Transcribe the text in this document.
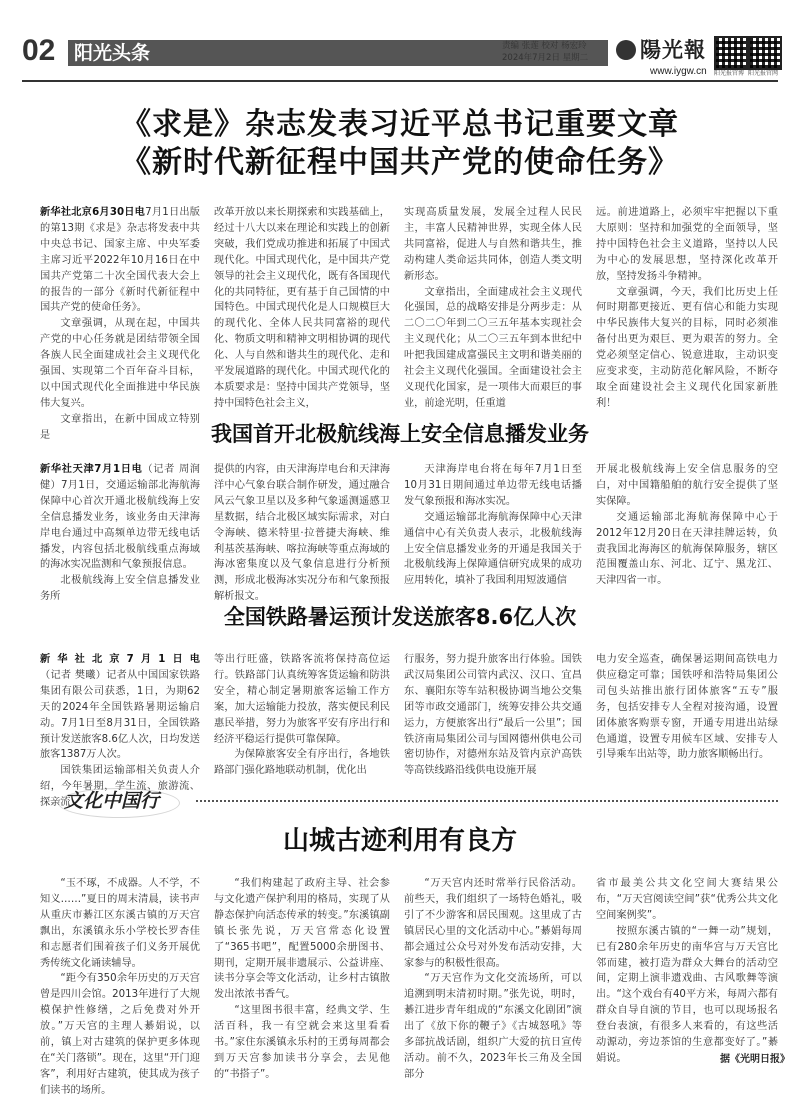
02 阳光头条	责编 张莲 校对 杨宏玲
2024年7月2日 星期二 陽光報
www.iygw.cn 阳光报官博 阳光报官网
《求是》杂志发表习近平总书记重要文章
《新时代新征程中国共产党的使命任务》

新华社北京6月30日电7月1日出版的第13期《求是》杂志将发表中共中央总书记、国家主席、中央军委主席习近平2022年10月16日在中国共产党第二十次全国代表大会上的报告的一部分《新时代新征程中国共产党的使命任务》。

文章强调，从现在起，中国共产党的中心任务就是团结带领全国各族人民全面建成社会主义现代化强国、实现第二个百年奋斗目标，以中国式现代化全面推进中华民族伟大复兴。

文章指出，在新中国成立特别是

改革开放以来长期探索和实践基础上，经过十八大以来在理论和实践上的创新突破，我们党成功推进和拓展了中国式现代化。中国式现代化，是中国共产党领导的社会主义现代化，既有各国现代化的共同特征，更有基于自己国情的中国特色。中国式现代化是人口规模巨大的现代化、全体人民共同富裕的现代化、物质文明和精神文明相协调的现代化、人与自然和谐共生的现代化、走和平发展道路的现代化。中国式现代化的本质要求是：坚持中国共产党领导，坚持中国特色社会主义，

实现高质量发展，发展全过程人民民主，丰富人民精神世界，实现全体人民共同富裕，促进人与自然和谐共生，推动构建人类命运共同体，创造人类文明新形态。

文章指出，全面建成社会主义现代化强国，总的战略安排是分两步走：从二〇二〇年到二〇三五年基本实现社会主义现代化；从二〇三五年到本世纪中叶把我国建成富强民主文明和谐美丽的社会主义现代化强国。全面建设社会主义现代化国家，是一项伟大而艰巨的事业，前途光明，任重道

远。前进道路上，必须牢牢把握以下重大原则：坚持和加强党的全面领导，坚持中国特色社会主义道路，坚持以人民为中心的发展思想，坚持深化改革开放，坚持发扬斗争精神。

文章强调，今天，我们比历史上任何时期都更接近、更有信心和能力实现中华民族伟大复兴的目标，同时必须准备付出更为艰巨、更为艰苦的努力。全党必须坚定信心、锐意进取，主动识变应变求变，主动防范化解风险，不断夺取全面建设社会主义现代化国家新胜利！

我国首开北极航线海上安全信息播发业务

新华社天津7月1日电（记者 周润健）7月1日，交通运输部北海航海保障中心首次开通北极航线海上安全信息播发业务，该业务由天津海岸电台通过中高频单边带无线电话播发，内容包括北极航线重点海域的海冰实况监测和气象预报信息。

北极航线海上安全信息播发业务所

提供的内容，由天津海岸电台和天津海洋中心气象台联合制作研发，通过融合风云气象卫星以及多种气象遥测遥感卫星数据，结合北极区域实际需求，对白令海峡、德米特里·拉普捷夫海峡、维利基茨基海峡、喀拉海峡等重点海域的海冰密集度以及气象信息进行分析预测，形成北极海冰实况分布和气象预报解析报文。

天津海岸电台将在每年7月1日至10月31日期间通过单边带无线电话播发气象预报和海冰实况。

交通运输部北海航海保障中心天津通信中心有关负责人表示，北极航线海上安全信息播发业务的开通是我国关于北极航线海上保障通信研究成果的成功应用转化，填补了我国利用短波通信

开展北极航线海上安全信息服务的空白，对中国籍船舶的航行安全提供了坚实保障。

交通运输部北海航海保障中心于2012年12月20日在天津挂牌运转，负责我国北海海区的航海保障服务，辖区范围覆盖山东、河北、辽宁、黑龙江、天津四省一市。

全国铁路暑运预计发送旅客8.6亿人次

新华社北京7月1日电（记者 樊曦）记者从中国国家铁路集团有限公司获悉，1日，为期62天的2024年全国铁路暑期运输启动。7月1日至8月31日，全国铁路预计发送旅客8.6亿人次，日均发送旅客1387万人次。

国铁集团运输部相关负责人介绍，今年暑期，学生流、旅游流、探亲流

等出行旺盛，铁路客流将保持高位运行。铁路部门认真统筹客货运输和防洪安全，精心制定暑期旅客运输工作方案，加大运输能力投放，落实便民利民惠民举措，努力为旅客平安有序出行和经济平稳运行提供可靠保障。

为保障旅客安全有序出行，各地铁路部门强化路地联动机制，优化出

行服务，努力提升旅客出行体验。国铁武汉局集团公司管内武汉、汉口、宜昌东、襄阳东等车站积极协调当地公交集团等市政交通部门，统筹安排公共交通运力，方便旅客出行“最后一公里”；国铁济南局集团公司与国网德州供电公司密切协作，对德州东站及管内京沪高铁等高铁线路沿线供电设施开展

电力安全巡查，确保暑运期间高铁电力供应稳定可靠；国铁呼和浩特局集团公司包头站推出旅行团体旅客“五专”服务，包括安排专人全程对接沟通，设置团体旅客购票专窗，开通专用进出站绿色通道，设置专用候车区域、安排专人引导乘车出站等，助力旅客顺畅出行。

文化中国行
山城古迹利用有良方

“玉不琢，不成器。人不学，不知义……”夏日的周末清晨，读书声从重庆市綦江区东溪古镇的万天宫飘出，东溪镇永乐小学校长罗杏佳和志愿者们围着孩子们义务开展优秀传统文化诵读辅导。

“距今有350余年历史的万天宫曾是四川会馆。2013年进行了大规模保护性修缮，之后免费对外开放。”万天宫的主理人綦娟说，以前，镇上对古建筑的保护更多体现在“关门落锁”。现在，这里“开门迎客”，利用好古建筑，使其成为孩子们读书的场所。

“我们构建起了政府主导、社会参与文化遗产保护利用的格局，实现了从静态保护向活态传承的转变。”东溪镇副镇长张先说，万天宫常态化设置了“365书吧”，配置5000余册图书、期刊，定期开展非遗展示、公益讲座、读书分享会等文化活动，让乡村古镇散发出浓浓书香气。

“这里图书很丰富，经典文学、生活百科，我一有空就会来这里看看书。”家住东溪镇永乐村的王勇每周都会到万天宫参加读书分享会，去见他的“书搭子”。

“万天宫内还时常举行民俗活动。前些天，我们组织了一场特色婚礼，吸引了不少游客和居民围观。这里成了古镇居民心里的文化活动中心。”綦娟每周都会通过公众号对外发布活动安排，大家参与的积极性很高。

“万天宫作为文化交流场所，可以追溯到明末清初时期。”张先说，明时，綦江进步青年组成的“东溪文化剧团”演出了《放下你的鞭子》《古城怒吼》等多部抗战话剧，组织广大爱的抗日宣传活动。前不久，2023年长三角及全国部分

省市最美公共文化空间大赛结果公布，“万天宫阅读空间”获“优秀公共文化空间案例奖”。

按照东溪古镇的“一舞一动”规划，已有280余年历史的南华宫与万天宫比邻而建，被打造为群众大舞台的活动空间，定期上演非遗戏曲、古风歌舞等演出。“这个戏台有40平方米，每周六都有群众自导自演的节目，也可以现场报名登台表演，有很多人来看的，有这些活动源动，旁边茶馆的生意都变好了。”綦娟说。	据《光明日报》
